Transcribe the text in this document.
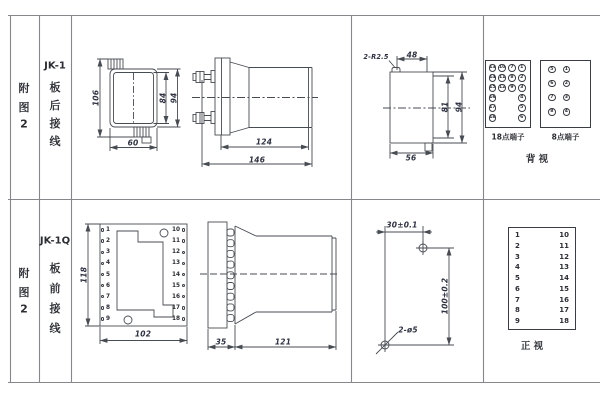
附
图
2
JK-1
板
后
接
线
附
图
2
JK-1Q
板
前
接
线
106	84 94
60	124
146
2-R2.5 48
81 94
56
118
102
35	121
30±0.1
100±0.2
2-ø5
13
14
15
16
17
18
10
11
12
7
8
9
1
2
3
4
5
6
5
6
7
8
1
2
3
4
18点端子	8点端子
背 视
1
2
3
4
5
6
7
8
9
10
11
12
13
14
15
16
17
18
1	10
2	11
3	12
4	13
5	14
6	15
7	16
8	17
9	18
正 视
